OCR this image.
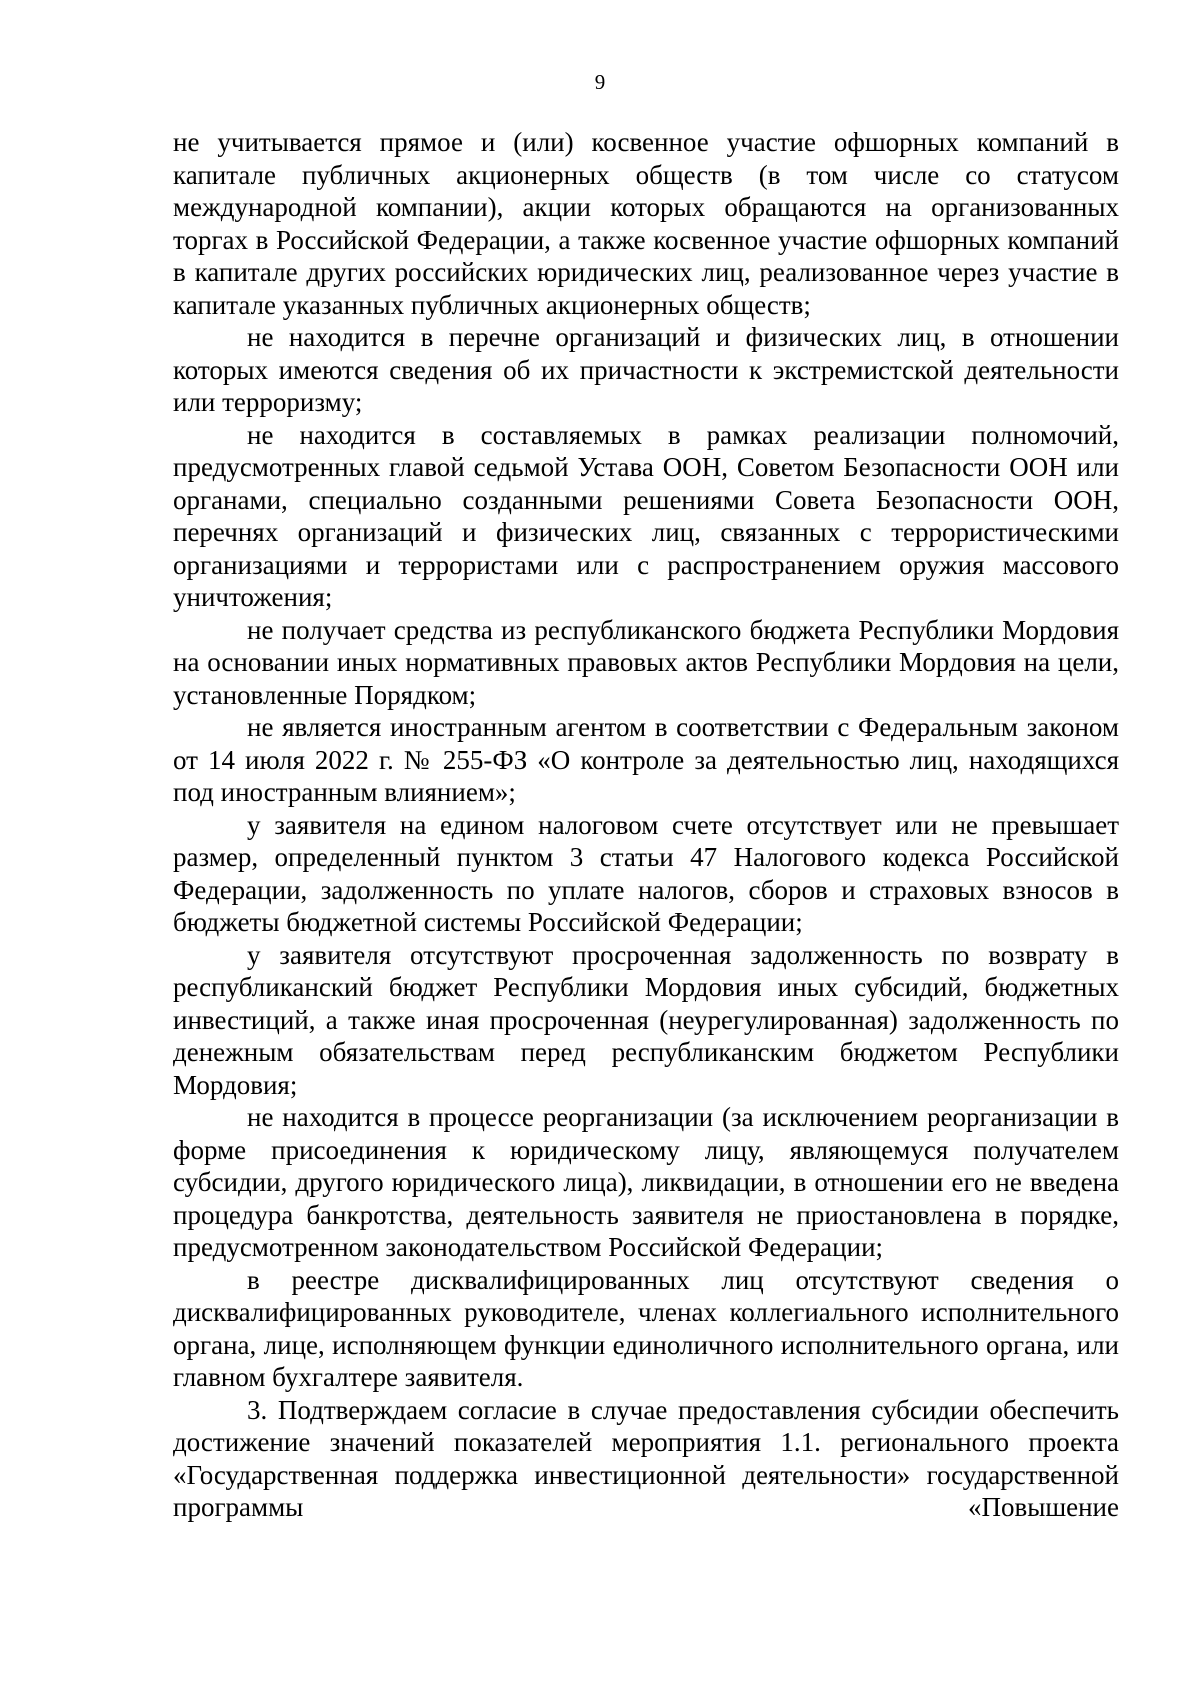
9

не учитывается прямое и (или) косвенное участие офшорных компаний в капитале публичных акционерных обществ (в том числе со статусом международной компании), акции которых обращаются на организованных торгах в Российской Федерации, а также косвенное участие офшорных компаний в капитале других российских юридических лиц, реализованное через участие в капитале указанных публичных акционерных обществ;

не находится в перечне организаций и физических лиц, в отношении которых имеются сведения об их причастности к экстремистской деятельности или терроризму;

не находится в составляемых в рамках реализации полномочий, предусмотренных главой седьмой Устава ООН, Советом Безопасности ООН или органами, специально созданными решениями Совета Безопасности ООН, перечнях организаций и физических лиц, связанных с террористическими организациями и террористами или с распространением оружия массового уничтожения;

не получает средства из республиканского бюджета Республики Мордовия на основании иных нормативных правовых актов Республики Мордовия на цели, установленные Порядком;

не является иностранным агентом в соответствии с Федеральным законом от 14 июля 2022 г. № 255-ФЗ «О контроле за деятельностью лиц, находящихся под иностранным влиянием»;

у заявителя на едином налоговом счете отсутствует или не превышает размер, определенный пунктом 3 статьи 47 Налогового кодекса Российской Федерации, задолженность по уплате налогов, сборов и страховых взносов в бюджеты бюджетной системы Российской Федерации;

у заявителя отсутствуют просроченная задолженность по возврату в республиканский бюджет Республики Мордовия иных субсидий, бюджетных инвестиций, а также иная просроченная (неурегулированная) задолженность по денежным обязательствам перед республиканским бюджетом Республики Мордовия;

не находится в процессе реорганизации (за исключением реорганизации в форме присоединения к юридическому лицу, являющемуся получателем субсидии, другого юридического лица), ликвидации, в отношении его не введена процедура банкротства, деятельность заявителя не приостановлена в порядке, предусмотренном законодательством Российской Федерации;

в реестре дисквалифицированных лиц отсутствуют сведения о дисквалифицированных руководителе, членах коллегиального исполнительного органа, лице, исполняющем функции единоличного исполнительного органа, или главном бухгалтере заявителя.

3. Подтверждаем согласие в случае предоставления субсидии обеспечить достижение значений показателей мероприятия 1.1. регионального проекта «Государственная поддержка инвестиционной деятельности» государственной программы «Повышение
